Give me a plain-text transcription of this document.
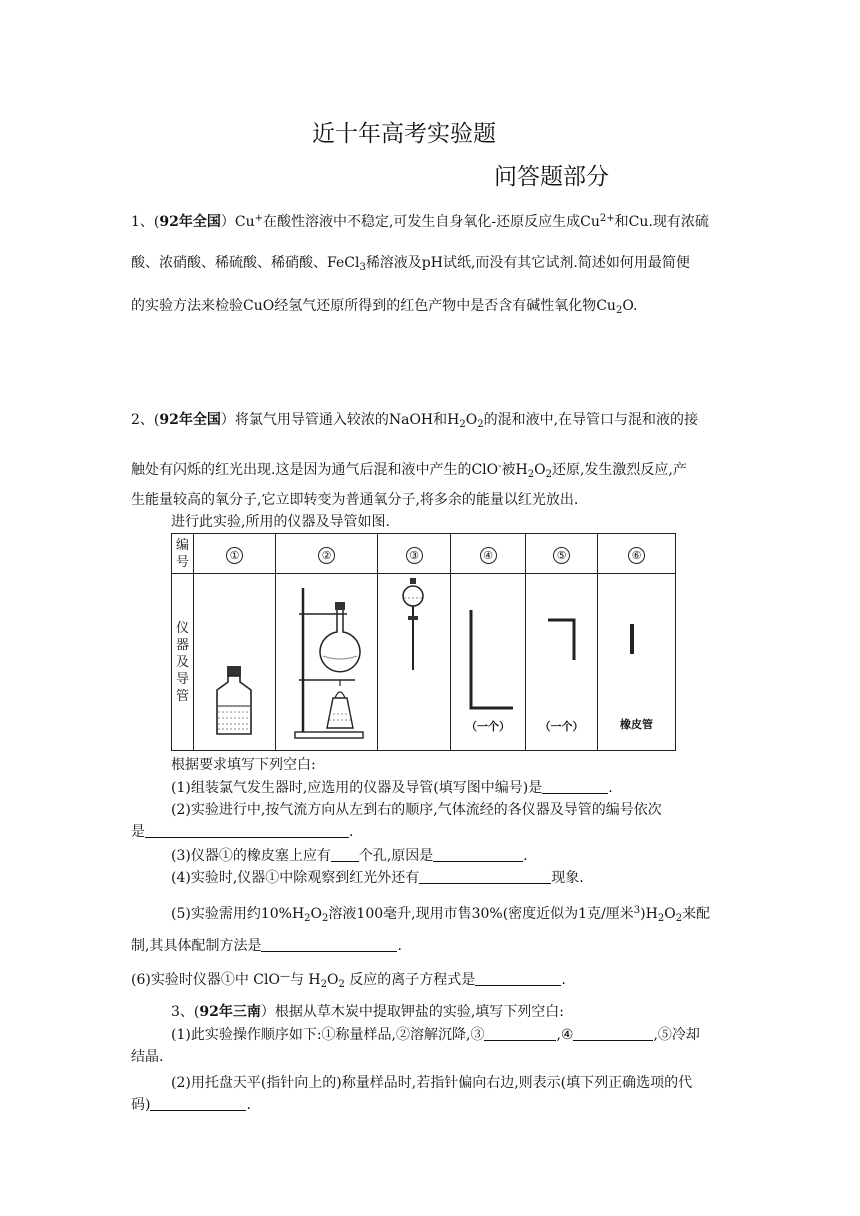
近十年高考实验题
问答题部分
1、(92年全国）Cu+在酸性溶液中不稳定,可发生自身氧化-还原反应生成$Cu^{2+}$和Cu.现有浓硫
酸、浓硝酸、稀硫酸、稀硝酸、FeCl$_3$稀溶液及pH试纸,而没有其它试剂.简述如何用最简便
的实验方法来检验CuO经氢气还原所得到的红色产物中是否含有碱性氧化物$Cu_2O$.
2、(92年全国）将氯气用导管通入较浓的NaOH和$H_2O_2$的混和液中,在导管口与混和液的接
触处有闪烁的红光出现.这是因为通气后混和液中产生的ClO-被$H_2O_2$还原,发生激烈反应,产
生能量较高的氧分子,它立即转变为普通氧分子,将多余的能量以红光放出.
进行此实验,所用的仪器及导管如图.
编号	①	②	③	④	⑤	⑥

仪器及导管				（一个）	（一个）	橡皮管
根据要求填写下列空白:
(1)组装氯气发生器时,应选用的仪器及导管(填写图中编号)是	.
(2)实验进行中,按气流方向从左到右的顺序,气体流经的各仪器及导管的编号依次
是	.
(3)仪器①的橡皮塞上应有 个孔,原因是	.
(4)实验时,仪器①中除观察到红光外还有	现象.
(5)实验需用约$10\%H_2O_2$溶液100毫升,现用市售30%(密度近似为1克/厘米$^3)H_2O_2$来配
制,其具体配制方法是	.
(6)实验时仪器①中 ClO—与 $H_2O_2$ 反应的离子方程式是	.
3、(92年三南）根据从草木炭中提取钾盐的实验,填写下列空白:
(1)此实验操作顺序如下:①称量样品,②溶解沉降,③	,④	,⑤冷却
结晶.
(2)用托盘天平(指针向上的)称量样品时,若指针偏向右边,则表示(填下列正确选项的代
码)	.
